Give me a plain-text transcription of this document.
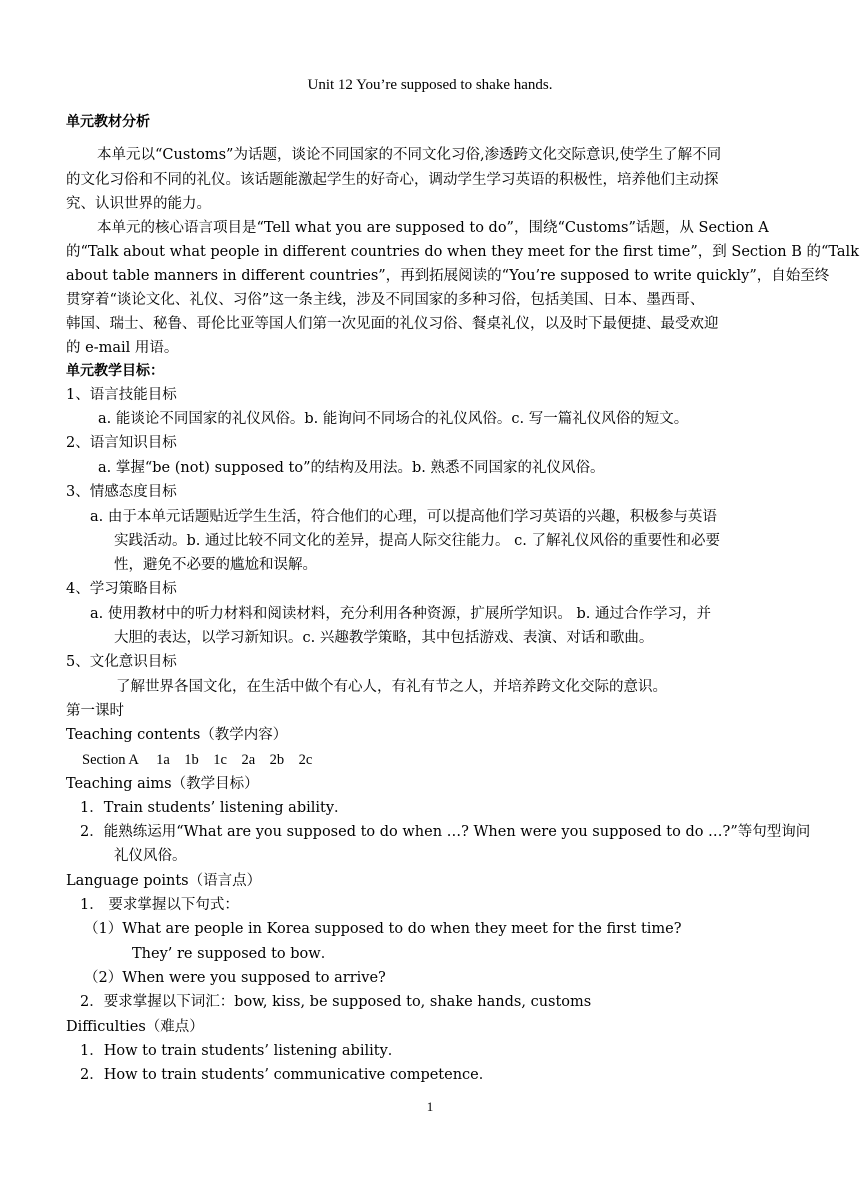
Unit 12 You’re supposed to shake hands.
单元教材分析
本单元以“Customs”为话题，谈论不同国家的不同文化习俗,渗透跨文化交际意识,使学生了解不同
的文化习俗和不同的礼仪。该话题能激起学生的好奇心，调动学生学习英语的积极性，培养他们主动探
究、认识世界的能力。
本单元的核心语言项目是“Tell what you are supposed to do”，围绕“Customs”话题，从 Section A
的“Talk about what people in different countries do when they meet for the first time”，到 Section B 的“Talk
about table manners in different countries”，再到拓展阅读的“You’re supposed to write quickly”，自始至终
贯穿着“谈论文化、礼仪、习俗”这一条主线，涉及不同国家的多种习俗，包括美国、日本、墨西哥、
韩国、瑞士、秘鲁、哥伦比亚等国人们第一次见面的礼仪习俗、餐桌礼仪，以及时下最便捷、最受欢迎
的 e-mail 用语。
单元教学目标：
1、语言技能目标
a. 能谈论不同国家的礼仪风俗。b. 能询问不同场合的礼仪风俗。c. 写一篇礼仪风俗的短文。
2、语言知识目标
a. 掌握“be (not) supposed to”的结构及用法。b. 熟悉不同国家的礼仪风俗。
3、情感态度目标
a. 由于本单元话题贴近学生生活，符合他们的心理，可以提高他们学习英语的兴趣，积极参与英语
实践活动。b. 通过比较不同文化的差异，提高人际交往能力。 c. 了解礼仪风俗的重要性和必要
性，避免不必要的尴尬和误解。
4、学习策略目标
a. 使用教材中的听力材料和阅读材料，充分利用各种资源，扩展所学知识。 b. 通过合作学习，并
大胆的表达，以学习新知识。c. 兴趣教学策略，其中包括游戏、表演、对话和歌曲。
5、文化意识目标
了解世界各国文化，在生活中做个有心人，有礼有节之人，并培养跨文化交际的意识。
第一课时
Teaching contents（教学内容）
Section A     1a    1b    1c    2a    2b    2c
Teaching aims（教学目标）
1．Train students’ listening ability．
2．能熟练运用“What are you supposed to do when …? When were you supposed to do …?”等句型询问
礼仪风俗。
Language points（语言点）
1． 要求掌握以下句式：
（1）What are people in Korea supposed to do when they meet for the first time?
They’ re supposed to bow．
（2）When were you supposed to arrive?
2．要求掌握以下词汇：bow, kiss, be supposed to, shake hands, customs
Difficulties（难点）
1．How to train students’ listening ability．
2．How to train students’ communicative competence．
1
